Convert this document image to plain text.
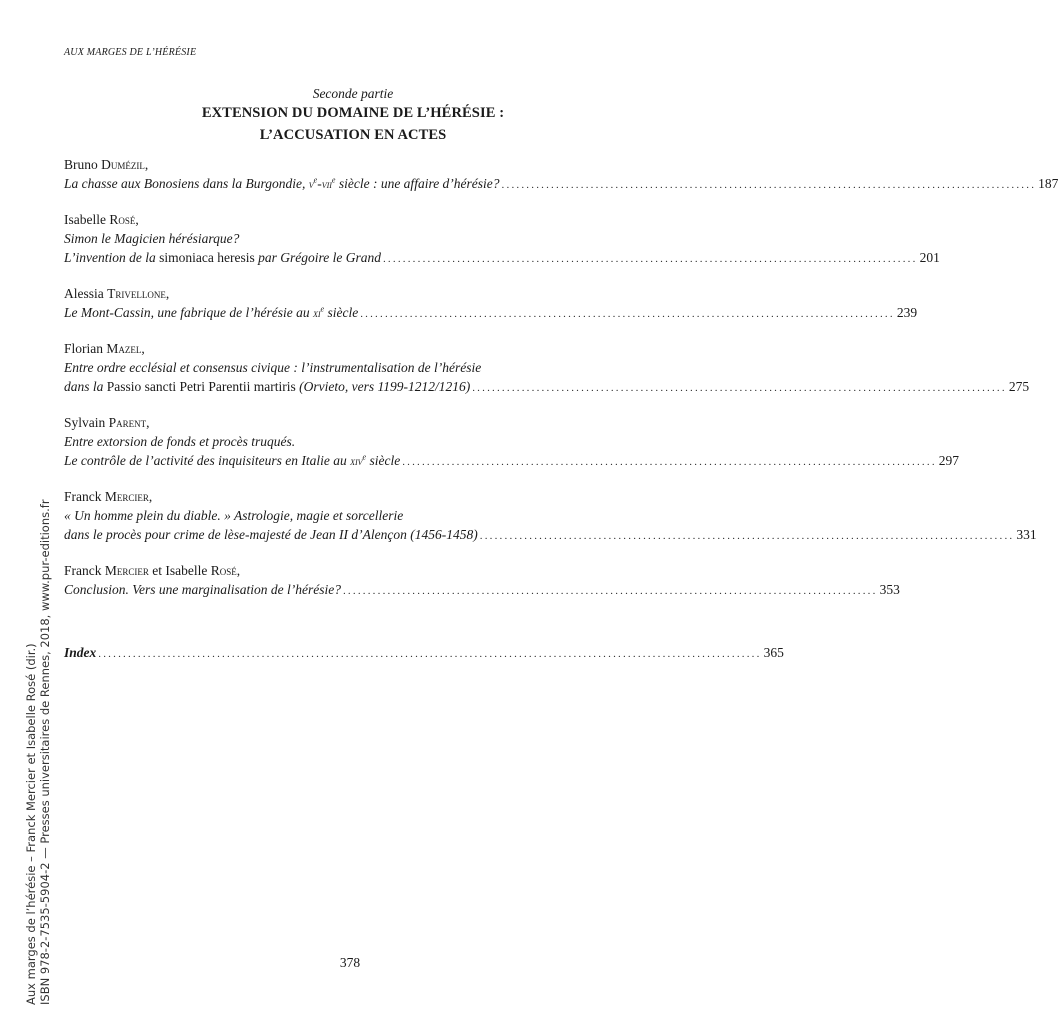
AUX MARGES DE L’HÉRÉSIE
Seconde partie
EXTENSION DU DOMAINE DE L’HÉRÉSIE :
L’ACCUSATION EN ACTES
Bruno Dumézil,
La chasse aux Bonosiens dans la Burgondie, $v^e-vii^e$ siècle : une affaire d’hérésie? ............................................................................................................ 187
Isabelle Rosé,
Simon le Magicien hérésiarque?
L’invention de la simoniaca heresis par Grégoire le Grand ............................................................................................................ 201
Alessia Trivellone,
Le Mont-Cassin, une fabrique de l’hérésie au $xi^e$ siècle ............................................................................................................ 239
Florian Mazel,
Entre ordre ecclésial et consensus civique : l’instrumentalisation de l’hérésie
dans la Passio sancti Petri Parentii martiris (Orvieto, vers 1199-1212/1216) ............................................................................................................ 275
Sylvain Parent,
Entre extorsion de fonds et procès truqués.
Le contrôle de l’activité des inquisiteurs en Italie au xiv$^e$ siècle ............................................................................................................ 297
Franck Mercier,
« Un homme plein du diable. » Astrologie, magie et sorcellerie
dans le procès pour crime de lèse-majesté de Jean II d’Alençon (1456-1458) ............................................................................................................ 331
Franck Mercier et Isabelle Rosé,
Conclusion. Vers une marginalisation de l’hérésie? ............................................................................................................ 353
Index ...................................................................................................................................... 365
Aux marges de l’hérésie – Franck Mercier et Isabelle Rosé (dir.) ISBN 978-2-7535-5904-2 — Presses universitaires de Rennes, 2018, www.pur-editions.fr	378
